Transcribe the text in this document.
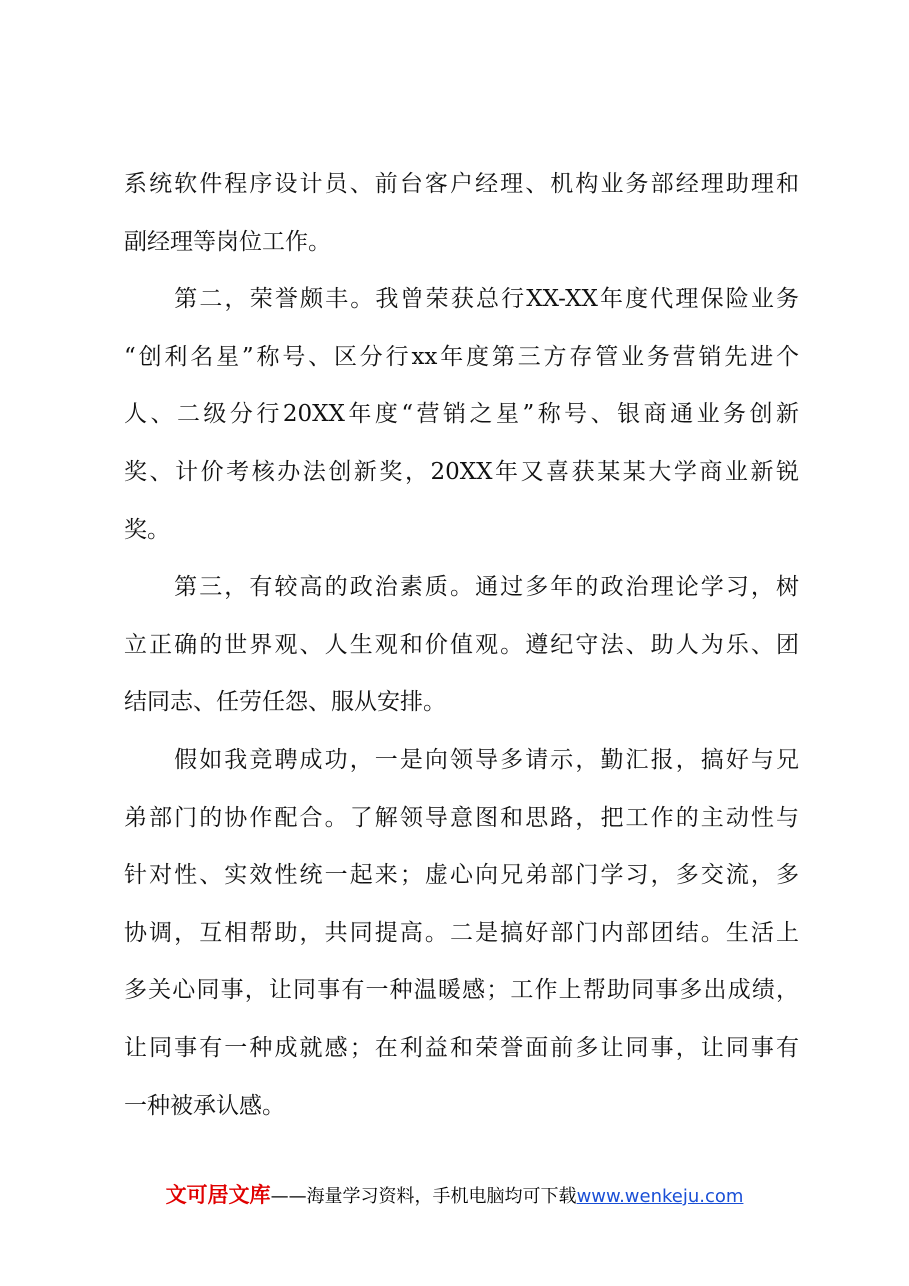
系统软件程序设计员、前台客户经理、机构业务部经理助理和
副经理等岗位工作。
　　第二，荣誉颇丰。我曾荣获总行XX-XX年度代理保险业务
“创利名星”称号、区分行xx年度第三方存管业务营销先进个
人、二级分行20XX年度“营销之星”称号、银商通业务创新
奖、计价考核办法创新奖，20XX年又喜获某某大学商业新锐
奖。
　　第三，有较高的政治素质。通过多年的政治理论学习，树
立正确的世界观、人生观和价值观。遵纪守法、助人为乐、团
结同志、任劳任怨、服从安排。
　　假如我竞聘成功，一是向领导多请示，勤汇报，搞好与兄
弟部门的协作配合。了解领导意图和思路，把工作的主动性与
针对性、实效性统一起来；虚心向兄弟部门学习，多交流，多
协调，互相帮助，共同提高。二是搞好部门内部团结。生活上
多关心同事，让同事有一种温暖感；工作上帮助同事多出成绩，
让同事有一种成就感；在利益和荣誉面前多让同事，让同事有
一种被承认感。
文可居文库——海量学习资料，手机电脑均可下载www.wenkeju.com
